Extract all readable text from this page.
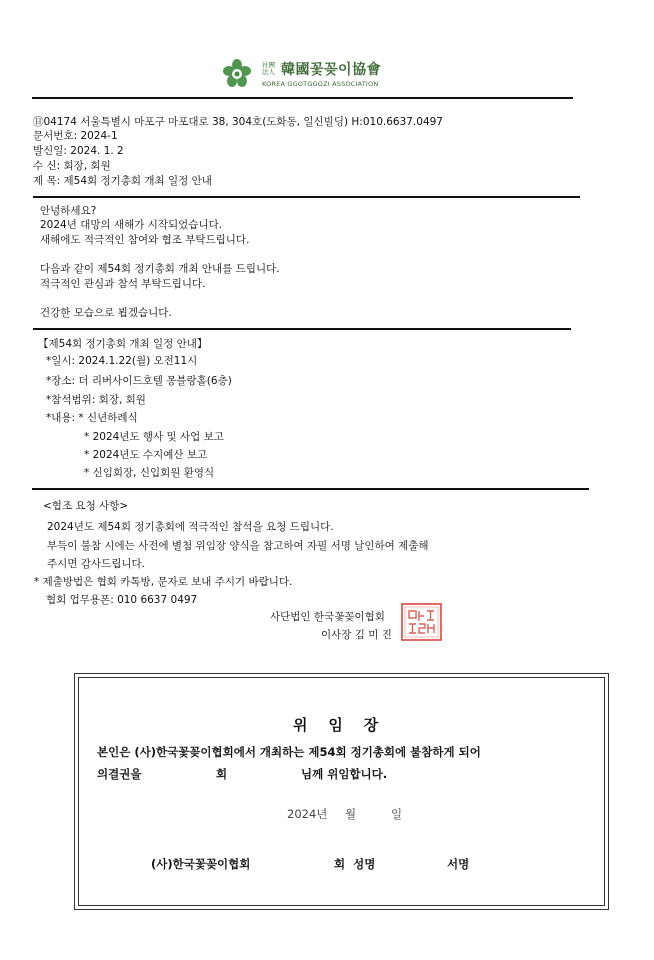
社團
法人 韓國꽃꽂이協會
KOREA GGOTGGOZI ASSOCIATION
㊐04174 서울특별시 마포구 마포대로 38, 304호(도화동, 일신빌딩) H:010.6637.0497
문서번호: 2024-1
발신일: 2024. 1. 2
수 신: 회장, 회원
제 목: 제54회 정기총회 개최 일정 안내
안녕하세요?
2024년 대망의 새해가 시작되었습니다.
새해에도 적극적인 참여와 협조 부탁드립니다.
다음과 같이 제54회 정기총회 개최 안내를 드립니다.
적극적인 관심과 참석 부탁드립니다.
건강한 모습으로 뵙겠습니다.
【제54회 정기총회 개최 일정 안내】
*일시: 2024.1.22(월) 오전11시
*장소: 더 리버사이드호텔 몽블랑홀(6층)
*참석범위: 회장, 회원
*내용: * 신년하례식
* 2024년도 행사 및 사업 보고
* 2024년도 수지예산 보고
* 신임회장, 신입회원 환영식
<협조 요청 사항>
2024년도 제54회 정기총회에 적극적인 참석을 요청 드립니다.
부득이 불참 시에는 사전에 별첨 위임장 양식을 참고하여 자필 서명 날인하여 제출해
주시면 감사드립니다.
* 제출방법은 협회 카톡방, 문자로 보내 주시기 바랍니다.
협회 업무용폰: 010 6637 0497
사단법인 한국꽃꽂이협회
이사장 김 미 진
위    임    장
본인은 (사)한국꽃꽂이협회에서 개최하는 제54회 정기총회에 불참하게 되어
의결권을	회	님께 위임합니다.
2024년 월	일
(사)한국꽃꽂이협회	회  성명	서명
